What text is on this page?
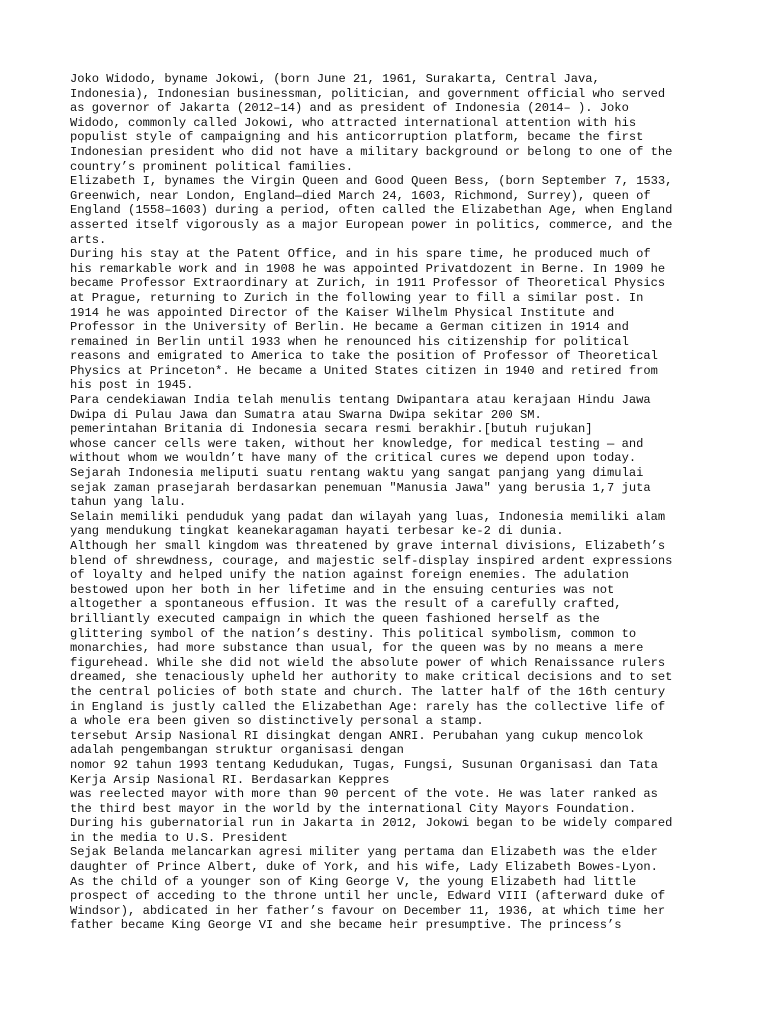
Joko Widodo, byname Jokowi, (born June 21, 1961, Surakarta, Central Java,
Indonesia), Indonesian businessman, politician, and government official who served
as governor of Jakarta (2012–14) and as president of Indonesia (2014– ). Joko
Widodo, commonly called Jokowi, who attracted international attention with his
populist style of campaigning and his anticorruption platform, became the first
Indonesian president who did not have a military background or belong to one of the
country’s prominent political families.

Elizabeth I, bynames the Virgin Queen and Good Queen Bess, (born September 7, 1533,
Greenwich, near London, England—died March 24, 1603, Richmond, Surrey), queen of
England (1558–1603) during a period, often called the Elizabethan Age, when England
asserted itself vigorously as a major European power in politics, commerce, and the
arts.

During his stay at the Patent Office, and in his spare time, he produced much of
his remarkable work and in 1908 he was appointed Privatdozent in Berne. In 1909 he
became Professor Extraordinary at Zurich, in 1911 Professor of Theoretical Physics
at Prague, returning to Zurich in the following year to fill a similar post. In
1914 he was appointed Director of the Kaiser Wilhelm Physical Institute and
Professor in the University of Berlin. He became a German citizen in 1914 and
remained in Berlin until 1933 when he renounced his citizenship for political
reasons and emigrated to America to take the position of Professor of Theoretical
Physics at Princeton*. He became a United States citizen in 1940 and retired from
his post in 1945.

Para cendekiawan India telah menulis tentang Dwipantara atau kerajaan Hindu Jawa
Dwipa di Pulau Jawa dan Sumatra atau Swarna Dwipa sekitar 200 SM.

pemerintahan Britania di Indonesia secara resmi berakhir.[butuh rujukan]

whose cancer cells were taken, without her knowledge, for medical testing — and
without whom we wouldn’t have many of the critical cures we depend upon today.

Sejarah Indonesia meliputi suatu rentang waktu yang sangat panjang yang dimulai
sejak zaman prasejarah berdasarkan penemuan "Manusia Jawa" yang berusia 1,7 juta
tahun yang lalu.

Selain memiliki penduduk yang padat dan wilayah yang luas, Indonesia memiliki alam
yang mendukung tingkat keanekaragaman hayati terbesar ke-2 di dunia.

Although her small kingdom was threatened by grave internal divisions, Elizabeth’s
blend of shrewdness, courage, and majestic self-display inspired ardent expressions
of loyalty and helped unify the nation against foreign enemies. The adulation
bestowed upon her both in her lifetime and in the ensuing centuries was not
altogether a spontaneous effusion. It was the result of a carefully crafted,
brilliantly executed campaign in which the queen fashioned herself as the
glittering symbol of the nation’s destiny. This political symbolism, common to
monarchies, had more substance than usual, for the queen was by no means a mere
figurehead. While she did not wield the absolute power of which Renaissance rulers
dreamed, she tenaciously upheld her authority to make critical decisions and to set
the central policies of both state and church. The latter half of the 16th century
in England is justly called the Elizabethan Age: rarely has the collective life of
a whole era been given so distinctively personal a stamp.

tersebut Arsip Nasional RI disingkat dengan ANRI. Perubahan yang cukup mencolok
adalah pengembangan struktur organisasi dengan

nomor 92 tahun 1993 tentang Kedudukan, Tugas, Fungsi, Susunan Organisasi dan Tata
Kerja Arsip Nasional RI. Berdasarkan Keppres

was reelected mayor with more than 90 percent of the vote. He was later ranked as
the third best mayor in the world by the international City Mayors Foundation.
During his gubernatorial run in Jakarta in 2012, Jokowi began to be widely compared
in the media to U.S. President

Sejak Belanda melancarkan agresi militer yang pertama dan Elizabeth was the elder
daughter of Prince Albert, duke of York, and his wife, Lady Elizabeth Bowes-Lyon.
As the child of a younger son of King George V, the young Elizabeth had little
prospect of acceding to the throne until her uncle, Edward VIII (afterward duke of
Windsor), abdicated in her father’s favour on December 11, 1936, at which time her
father became King George VI and she became heir presumptive. The princess’s
